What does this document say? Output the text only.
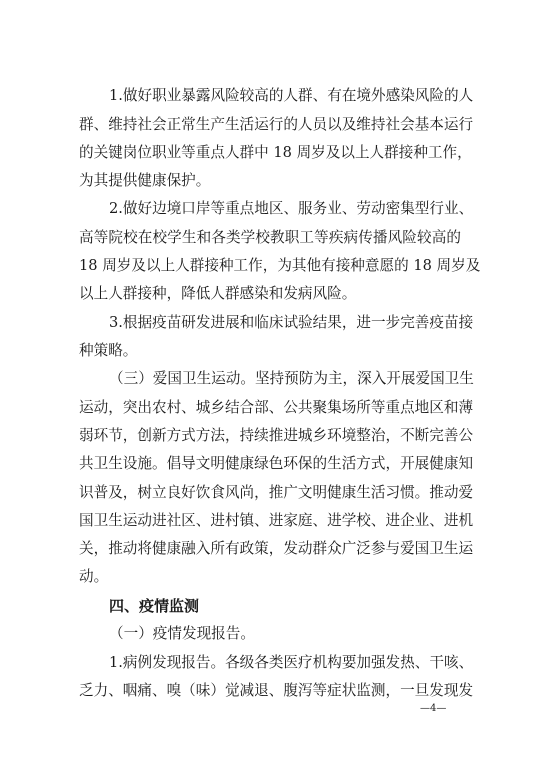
1.做好职业暴露风险较高的人群、有在境外感染风险的人
群、维持社会正常生产生活运行的人员以及维持社会基本运行
的关键岗位职业等重点人群中 18 周岁及以上人群接种工作，
为其提供健康保护。
2.做好边境口岸等重点地区、服务业、劳动密集型行业、
高等院校在校学生和各类学校教职工等疾病传播风险较高的
18 周岁及以上人群接种工作，为其他有接种意愿的 18 周岁及
以上人群接种，降低人群感染和发病风险。
3.根据疫苗研发进展和临床试验结果，进一步完善疫苗接
种策略。
（三）爱国卫生运动。坚持预防为主，深入开展爱国卫生
运动，突出农村、城乡结合部、公共聚集场所等重点地区和薄
弱环节，创新方式方法，持续推进城乡环境整治，不断完善公
共卫生设施。倡导文明健康绿色环保的生活方式，开展健康知
识普及，树立良好饮食风尚，推广文明健康生活习惯。推动爱
国卫生运动进社区、进村镇、进家庭、进学校、进企业、进机
关，推动将健康融入所有政策，发动群众广泛参与爱国卫生运
动。
四、疫情监测
（一）疫情发现报告。
1.病例发现报告。各级各类医疗机构要加强发热、干咳、
乏力、咽痛、嗅（味）觉减退、腹泻等症状监测，一旦发现发
—4—
